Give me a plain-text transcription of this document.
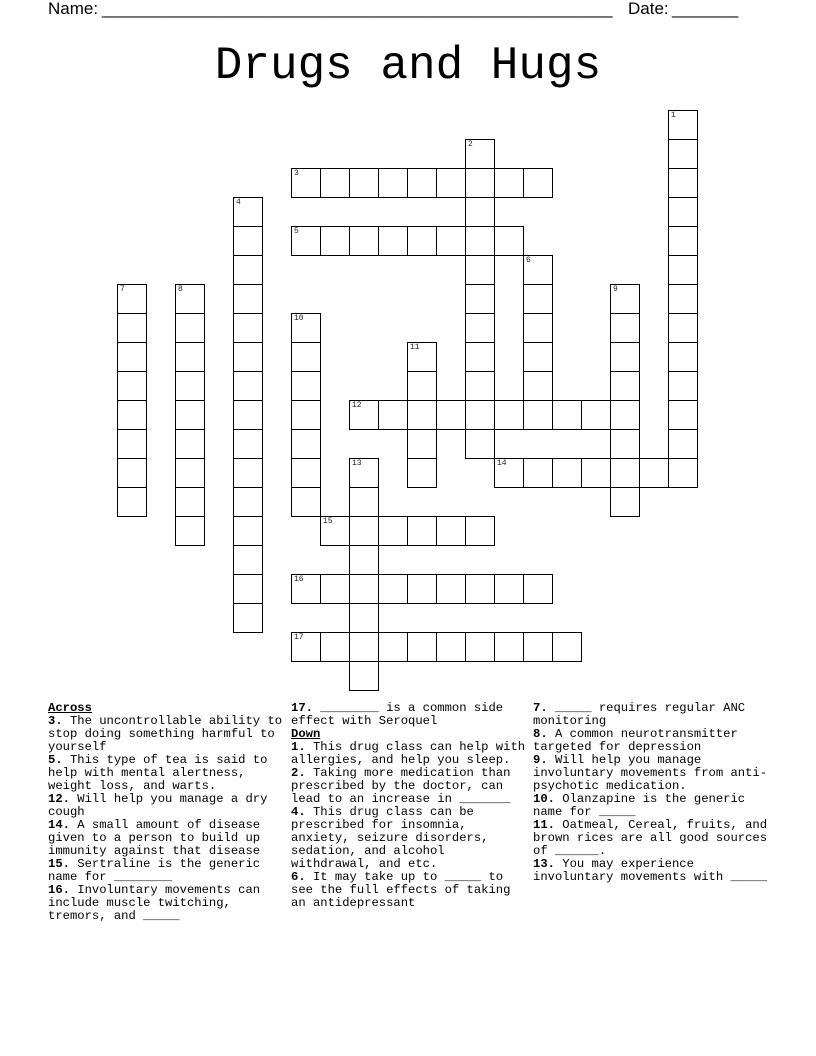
Name: ______________________________________________________ Date: _______
Drugs and Hugs
1
2
3
4
5
6
7	8	9
10
11
12
13	14
15
16
17
Across
3. The uncontrollable ability to stop doing something harmful to yourself
5. This type of tea is said to help with mental alertness, weight loss, and warts.
12. Will help you manage a dry cough
14. A small amount of disease given to a person to build up immunity against that disease
15. Sertraline is the generic name for ________
16. Involuntary movements can include muscle twitching, tremors, and _____
17. ________ is a common side effect with Seroquel
Down
1. This drug class can help with allergies, and help you sleep.
2. Taking more medication than prescribed by the doctor, can lead to an increase in _______
4. This drug class can be prescribed for insomnia, anxiety, seizure disorders, sedation, and alcohol withdrawal, and etc.
6. It may take up to _____ to see the full effects of taking an antidepressant
7. _____ requires regular ANC monitoring
8. A common neurotransmitter targeted for depression
9. Will help you manage involuntary movements from anti-psychotic medication.
10. Olanzapine is the generic name for _____
11. Oatmeal, Cereal, fruits, and brown rices are all good sources of ______.
13. You may experience involuntary movements with _____
